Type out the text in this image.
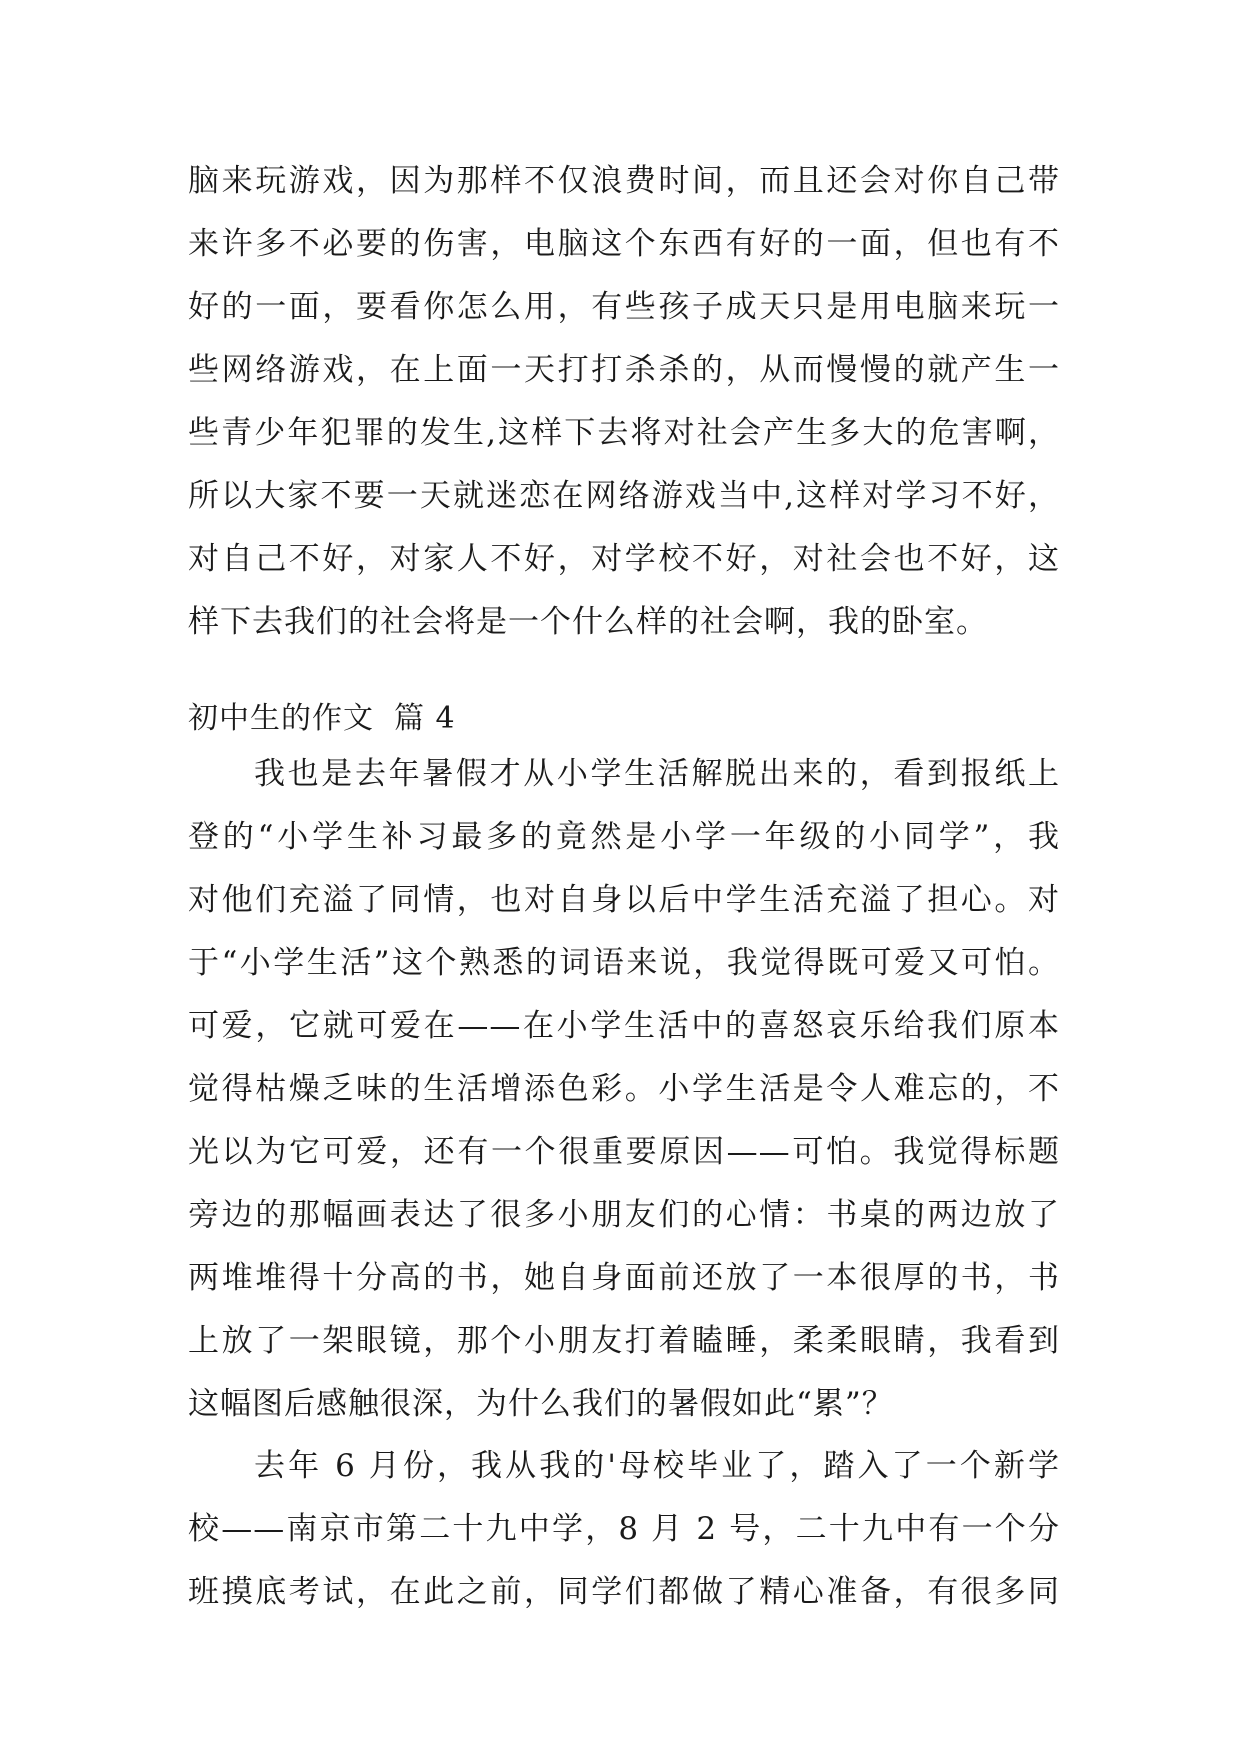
脑来玩游戏，因为那样不仅浪费时间，而且还会对你自己带
来许多不必要的伤害，电脑这个东西有好的一面，但也有不
好的一面，要看你怎么用，有些孩子成天只是用电脑来玩一
些网络游戏，在上面一天打打杀杀的，从而慢慢的就产生一
些青少年犯罪的发生,这样下去将对社会产生多大的危害啊，
所以大家不要一天就迷恋在网络游戏当中,这样对学习不好，
对自己不好，对家人不好，对学校不好，对社会也不好，这
样下去我们的社会将是一个什么样的社会啊，我的卧室。
初中生的作文 篇 4
我也是去年暑假才从小学生活解脱出来的，看到报纸上
登的“小学生补习最多的竟然是小学一年级的小同学”，我
对他们充溢了同情，也对自身以后中学生活充溢了担心。对
于“小学生活”这个熟悉的词语来说，我觉得既可爱又可怕。
可爱，它就可爱在——在小学生活中的喜怒哀乐给我们原本
觉得枯燥乏味的生活增添色彩。小学生活是令人难忘的，不
光以为它可爱，还有一个很重要原因——可怕。我觉得标题
旁边的那幅画表达了很多小朋友们的心情：书桌的两边放了
两堆堆得十分高的书，她自身面前还放了一本很厚的书，书
上放了一架眼镜，那个小朋友打着瞌睡，柔柔眼睛，我看到
这幅图后感触很深，为什么我们的暑假如此“累”？
去年 6 月份，我从我的'母校毕业了，踏入了一个新学
校——南京市第二十九中学，8 月 2 号，二十九中有一个分
班摸底考试，在此之前，同学们都做了精心准备，有很多同
